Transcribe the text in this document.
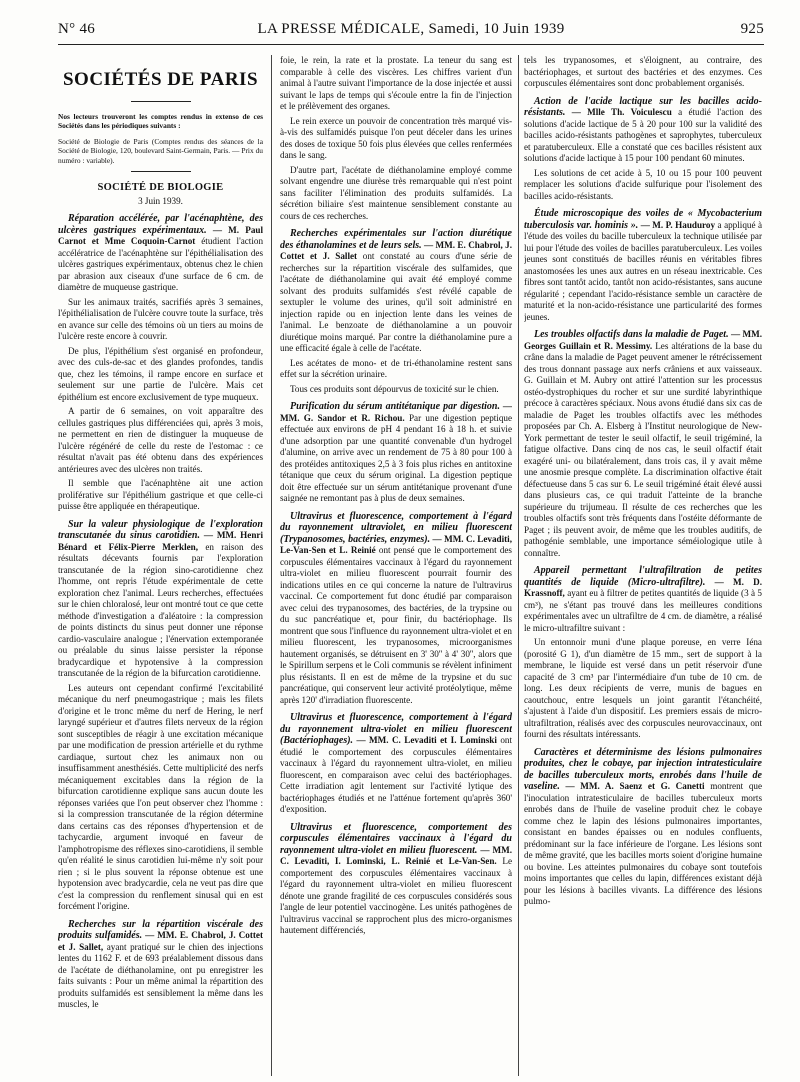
N° 46	LA PRESSE MÉDICALE, Samedi, 10 Juin 1939	925
SOCIÉTÉS DE PARIS
Nos lecteurs trouveront les comptes rendus in extenso de ces Sociétés dans les périodiques suivants :
Société de Biologie de Paris (Comptes rendus des séances de la Société de Biologie, 120, boulevard Saint-Germain, Paris. — Prix du numéro : variable).
SOCIÉTÉ DE BIOLOGIE
3 Juin 1939.

Réparation accélérée, par l'acénaphtène, des ulcères gastriques expérimentaux. — M. Paul Carnot et Mme Coquoin-Carnot étudient l'action accélératrice de l'acénaphtène sur l'épithélialisation des ulcères gastriques expérimentaux, obtenus chez le chien par abrasion aux ciseaux d'une surface de 6 cm. de diamètre de muqueuse gastrique.

Sur les animaux traités, sacrifiés après 3 semaines, l'épithélialisation de l'ulcère couvre toute la surface, très en avance sur celle des témoins où un tiers au moins de l'ulcère reste encore à couvrir.

De plus, l'épithélium s'est organisé en profondeur, avec des culs-de-sac et des glandes profondes, tandis que, chez les témoins, il rampe encore en surface et seulement sur une partie de l'ulcère. Mais cet épithélium est encore exclusivement de type muqueux.

A partir de 6 semaines, on voit apparaître des cellules gastriques plus différenciées qui, après 3 mois, ne permettent en rien de distinguer la muqueuse de l'ulcère régénéré de celle du reste de l'estomac : ce résultat n'avait pas été obtenu dans des expériences antérieures avec des ulcères non traités.

Il semble que l'acénaphtène ait une action proliférative sur l'épithélium gastrique et que celle-ci puisse être appliquée en thérapeutique.

Sur la valeur physiologique de l'exploration transcutanée du sinus carotidien. — MM. Henri Bénard et Félix-Pierre Merklen, en raison des résultats décevants fournis par l'exploration transcutanée de la région sino-carotidienne chez l'homme, ont repris l'étude expérimentale de cette exploration chez l'animal. Leurs recherches, effectuées sur le chien chloralosé, leur ont montré tout ce que cette méthode d'investigation a d'aléatoire : la compression de points distincts du sinus peut donner une réponse cardio-vasculaire analogue ; l'énervation extemporanée ou préalable du sinus laisse persister la réponse bradycardique et hypotensive à la compression transcutanée de la région de la bifurcation carotidienne.

Les auteurs ont cependant confirmé l'excitabilité mécanique du nerf pneumogastrique ; mais les filets d'origine et le tronc même du nerf de Hering, le nerf laryngé supérieur et d'autres filets nerveux de la région sont susceptibles de réagir à une excitation mécanique par une modification de pression artérielle et du rythme cardiaque, surtout chez les animaux non ou insuffisamment anesthésiés. Cette multiplicité des nerfs mécaniquement excitables dans la région de la bifurcation carotidienne explique sans aucun doute les réponses variées que l'on peut observer chez l'homme : si la compression transcutanée de la région détermine dans certains cas des réponses d'hypertension et de tachycardie, argument invoqué en faveur de l'amphotropisme des réflexes sino-carotidiens, il semble qu'en réalité le sinus carotidien lui-même n'y soit pour rien ; si le plus souvent la réponse obtenue est une hypotension avec bradycardie, cela ne veut pas dire que c'est la compression du renflement sinusal qui en est forcément l'origine.

Recherches sur la répartition viscérale des produits sulfamidés. — MM. E. Chabrol, J. Cottet et J. Sallet, ayant pratiqué sur le chien des injections lentes du 1162 F. et de 693 préalablement dissous dans de l'acétate de diéthanolamine, ont pu enregistrer les faits suivants : Pour un même animal la répartition des produits sulfamidés est sensiblement la même dans les muscles, le

foie, le rein, la rate et la prostate. La teneur du sang est comparable à celle des viscères. Les chiffres varient d'un animal à l'autre suivant l'importance de la dose injectée et aussi suivant le laps de temps qui s'écoule entre la fin de l'injection et le prélèvement des organes.

Le rein exerce un pouvoir de concentration très marqué vis-à-vis des sulfamidés puisque l'on peut déceler dans les urines des doses de toxique 50 fois plus élevées que celles renfermées dans le sang.

D'autre part, l'acétate de diéthanolamine employé comme solvant engendre une diurèse très remarquable qui n'est point sans faciliter l'élimination des produits sulfamidés. La sécrétion biliaire s'est maintenue sensiblement constante au cours de ces recherches.

Recherches expérimentales sur l'action diurétique des éthanolamines et de leurs sels. — MM. E. Chabrol, J. Cottet et J. Sallet ont constaté au cours d'une série de recherches sur la répartition viscérale des sulfamides, que l'acétate de diéthanolamine qui avait été employé comme solvant des produits sulfamidés s'est révélé capable de sextupler le volume des urines, qu'il soit administré en injection rapide ou en injection lente dans les veines de l'animal. Le benzoate de diéthanolamine a un pouvoir diurétique moins marqué. Par contre la diéthanolamine pure a une efficacité égale à celle de l'acétate.

Les acétates de mono- et de tri-éthanolamine restent sans effet sur la sécrétion urinaire.

Tous ces produits sont dépourvus de toxicité sur le chien.

Purification du sérum antitétanique par digestion. — MM. G. Sandor et R. Richou. Par une digestion peptique effectuée aux environs de pH 4 pendant 16 à 18 h. et suivie d'une adsorption par une quantité convenable d'un hydrogel d'alumine, on arrive avec un rendement de 75 à 80 pour 100 à des protéides antitoxiques 2,5 à 3 fois plus riches en antitoxine tétanique que ceux du sérum original. La digestion peptique doit être effectuée sur un sérum antitétanique provenant d'une saignée ne remontant pas à plus de deux semaines.

Ultravirus et fluorescence, comportement à l'égard du rayonnement ultraviolet, en milieu fluorescent (Trypanosomes, bactéries, enzymes). — MM. C. Levaditi, Le-Van-Sen et L. Reinié ont pensé que le comportement des corpuscules élémentaires vaccinaux à l'égard du rayonnement ultra-violet en milieu fluorescent pourrait fournir des indications utiles en ce qui concerne la nature de l'ultravirus vaccinal. Ce comportement fut donc étudié par comparaison avec celui des trypanosomes, des bactéries, de la trypsine ou du suc pancréatique et, pour finir, du bactériophage. Ils montrent que sous l'influence du rayonnement ultra-violet et en milieu fluorescent, les trypanosomes, microorganismes hautement organisés, se détruisent en 3' 30'' à 4' 30'', alors que le Spirillum serpens et le Coli communis se révèlent infiniment plus résistants. Il en est de même de la trypsine et du suc pancréatique, qui conservent leur activité protéolytique, même après 120' d'irradiation fluorescente.

Ultravirus et fluorescence, comportement à l'égard du rayonnement ultra-violet en milieu fluorescent (Bactériophages). — MM. C. Levaditi et I. Lominski ont étudié le comportement des corpuscules élémentaires vaccinaux à l'égard du rayonnement ultra-violet, en milieu fluorescent, en comparaison avec celui des bactériophages. Cette irradiation agit lentement sur l'activité lytique des bactériophages étudiés et ne l'atténue fortement qu'après 360' d'exposition.

Ultravirus et fluorescence, comportement des corpuscules élémentaires vaccinaux à l'égard du rayonnement ultra-violet en milieu fluorescent. — MM. C. Levaditi, I. Lominski, L. Reinié et Le-Van-Sen. Le comportement des corpuscules élémentaires vaccinaux à l'égard du rayonnement ultra-violet en milieu fluorescent dénote une grande fragilité de ces corpuscules considérés sous l'angle de leur potentiel vaccinogène. Les unités pathogènes de l'ultravirus vaccinal se rapprochent plus des micro-organismes hautement différenciés,

tels les trypanosomes, et s'éloignent, au contraire, des bactériophages, et surtout des bactéries et des enzymes. Ces corpuscules élémentaires sont donc probablement organisés.

Action de l'acide lactique sur les bacilles acido-résistants. — Mlle Th. Voiculescu a étudié l'action des solutions d'acide lactique de 5 à 20 pour 100 sur la validité des bacilles acido-résistants pathogènes et saprophytes, tuberculeux et paratuberculeux. Elle a constaté que ces bacilles résistent aux solutions d'acide lactique à 15 pour 100 pendant 60 minutes.

Les solutions de cet acide à 5, 10 ou 15 pour 100 peuvent remplacer les solutions d'acide sulfurique pour l'isolement des bacilles acido-résistants.

Étude microscopique des voiles de « Mycobacterium tuberculosis var. hominis ». — M. P. Hauduroy a appliqué à l'étude des voiles du bacille tuberculeux la technique utilisée par lui pour l'étude des voiles de bacilles paratuberculeux. Les voiles jeunes sont constitués de bacilles réunis en véritables fibres anastomosées les unes aux autres en un réseau inextricable. Ces fibres sont tantôt acido, tantôt non acido-résistantes, sans aucune régularité ; cependant l'acido-résistance semble un caractère de maturité et la non-acido-résistance une particularité des formes jeunes.

Les troubles olfactifs dans la maladie de Paget. — MM. Georges Guillain et R. Messimy. Les altérations de la base du crâne dans la maladie de Paget peuvent amener le rétrécissement des trous donnant passage aux nerfs crâniens et aux vaisseaux. G. Guillain et M. Aubry ont attiré l'attention sur les processus ostéo-dystrophiques du rocher et sur une surdité labyrinthique précoce à caractères spéciaux. Nous avons étudié dans six cas de maladie de Paget les troubles olfactifs avec les méthodes proposées par Ch. A. Elsberg à l'Institut neurologique de New-York permettant de tester le seuil olfactif, le seuil trigéminé, la fatigue olfactive. Dans cinq de nos cas, le seuil olfactif était exagéré uni- ou bilatéralement, dans trois cas, il y avait même une anosmie presque complète. La discrimination olfactive était défectueuse dans 5 cas sur 6. Le seuil trigéminé était élevé aussi dans plusieurs cas, ce qui traduit l'atteinte de la branche supérieure du trijumeau. Il résulte de ces recherches que les troubles olfactifs sont très fréquents dans l'ostéite déformante de Paget ; ils peuvent avoir, de même que les troubles auditifs, de pathogénie semblable, une importance séméiologique utile à connaître.

Appareil permettant l'ultrafiltration de petites quantités de liquide (Micro-ultrafiltre). — M. D. Krassnoff, ayant eu à filtrer de petites quantités de liquide (3 à 5 cm³), ne s'étant pas trouvé dans les meilleures conditions expérimentales avec un ultrafiltre de 4 cm. de diamètre, a réalisé le micro-ultrafiltre suivant :

Un entonnoir muni d'une plaque poreuse, en verre Iéna (porosité G 1), d'un diamètre de 15 mm., sert de support à la membrane, le liquide est versé dans un petit réservoir d'une capacité de 3 cm³ par l'intermédiaire d'un tube de 10 cm. de long. Les deux récipients de verre, munis de bagues en caoutchouc, entre lesquels un joint garantit l'étanchéité, s'ajustent à l'aide d'un dispositif. Les premiers essais de micro-ultrafiltration, réalisés avec des corpuscules neurovaccinaux, ont fourni des résultats intéressants.

Caractères et déterminisme des lésions pulmonaires produites, chez le cobaye, par injection intratesticulaire de bacilles tuberculeux morts, enrobés dans l'huile de vaseline. — MM. A. Saenz et G. Canetti montrent que l'inoculation intratesticulaire de bacilles tuberculeux morts enrobés dans de l'huile de vaseline produit chez le cobaye comme chez le lapin des lésions pulmonaires importantes, consistant en bandes épaisses ou en nodules confluents, prédominant sur la face inférieure de l'organe. Les lésions sont de même gravité, que les bacilles morts soient d'origine humaine ou bovine. Les atteintes pulmonaires du cobaye sont toutefois moins importantes que celles du lapin, différences existant déjà pour les lésions à bacilles vivants. La différence des lésions pulmo-
